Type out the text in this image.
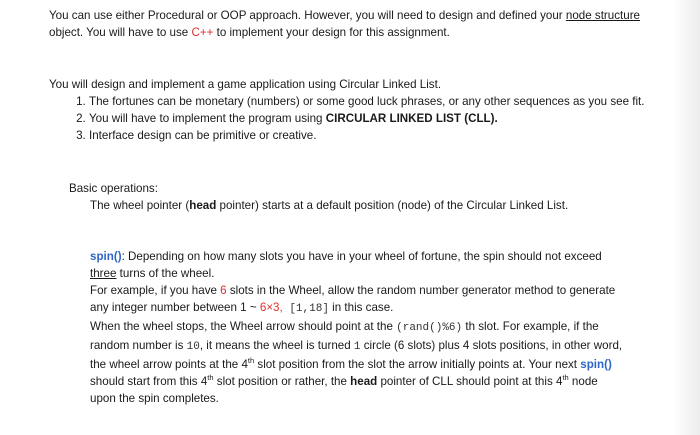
You can use either Procedural or OOP approach. However, you will need to design and defined your node structure object. You will have to use C++ to implement your design for this assignment.

You will design and implement a game application using Circular Linked List.

1. The fortunes can be monetary (numbers) or some good luck phrases, or any other sequences as you see fit.
2. You will have to implement the program using CIRCULAR LINKED LIST (CLL).
3. Interface design can be primitive or creative.

Basic operations:

The wheel pointer (head pointer) starts at a default position (node) of the Circular Linked List.

spin(): Depending on how many slots you have in your wheel of fortune, the spin should not exceed three turns of the wheel.
For example, if you have 6 slots in the Wheel, allow the random number generator method to generate any integer number between 1 ~ 6×3, [1,18] in this case.
When the wheel stops, the Wheel arrow should point at the (rand()%6) th slot. For example, if the random number is 10, it means the wheel is turned 1 circle (6 slots) plus 4 slots positions, in other word, the wheel arrow points at the 4th slot position from the slot the arrow initially points at. Your next spin() should start from this 4th slot position or rather, the head pointer of CLL should point at this 4th node upon the spin completes.
